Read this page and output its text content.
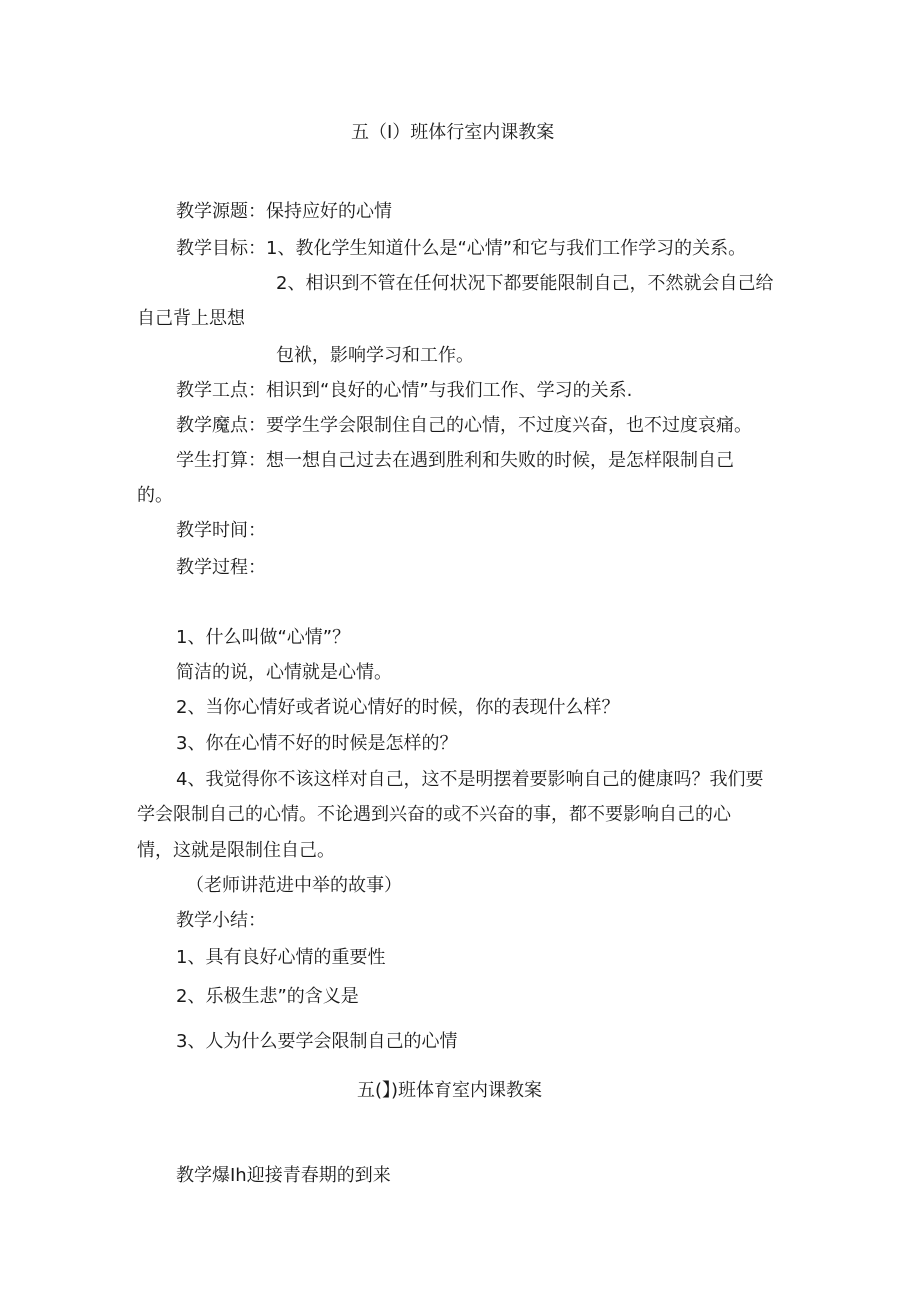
五（I）班体行室内课教案
教学源题：保持应好的心情
教学目标：1、教化学生知道什么是“心情”和它与我们工作学习的关系。
2、相识到不管在任何状况下都要能限制自己，不然就会自己给
自己背上思想
包袱，影响学习和工作。
教学工点：相识到“良好的心情”与我们工作、学习的关系.
教学魔点：要学生学会限制住自己的心情，不过度兴奋，也不过度哀痛。
学生打算：想一想自己过去在遇到胜利和失败的时候，是怎样限制自己
的。
教学时间：
教学过程：
1、什么叫做“心情”？
简洁的说，心情就是心情。
2、当你心情好或者说心情好的时候，你的表现什么样？
3、你在心情不好的时候是怎样的？
4、我觉得你不该这样对自己，这不是明摆着要影响自己的健康吗？我们要
学会限制自己的心情。不论遇到兴奋的或不兴奋的事，都不要影响自己的心
情，这就是限制住自己。
（老师讲范进中举的故事）
教学小结：
1、具有良好心情的重要性
2、乐极生悲”的含义是
3、人为什么要学会限制自己的心情
五(】)班体育室内课教案
教学爆Ih迎接青春期的到来
